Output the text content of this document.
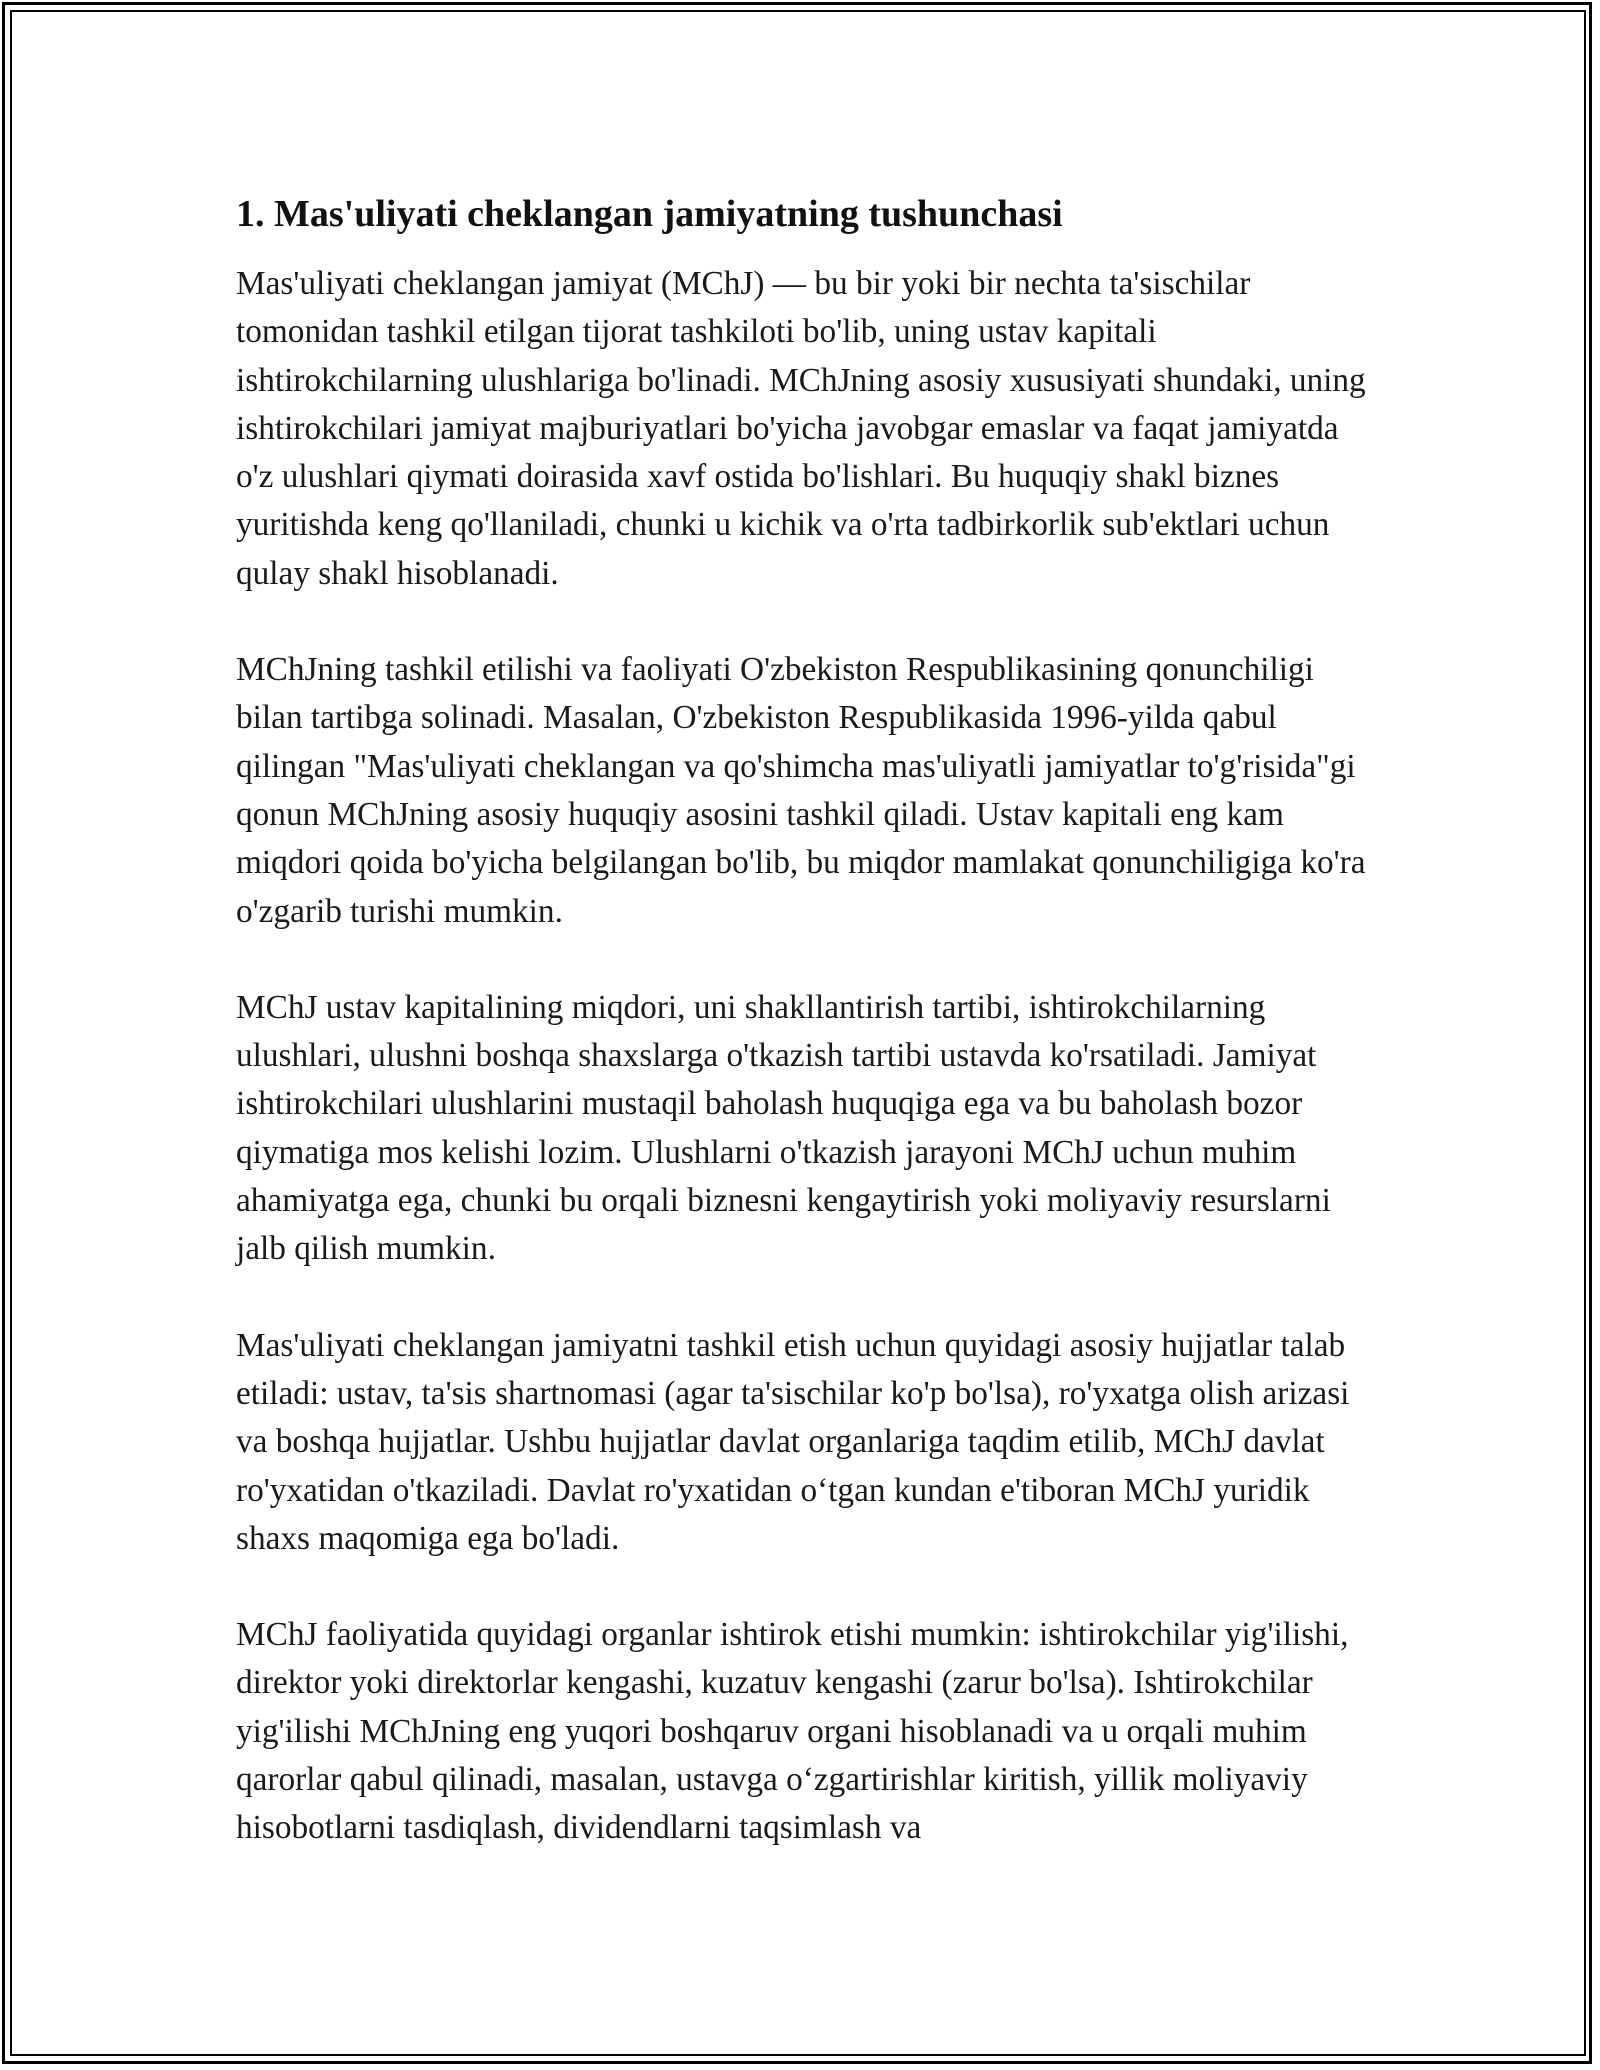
1. Mas'uliyati cheklangan jamiyatning tushunchasi

Mas'uliyati cheklangan jamiyat (MChJ) — bu bir yoki bir nechta ta'sischilar tomonidan tashkil etilgan tijorat tashkiloti bo'lib, uning ustav kapitali ishtirokchilarning ulushlariga bo'linadi. MChJning asosiy xususiyati shundaki, uning ishtirokchilari jamiyat majburiyatlari bo'yicha javobgar emaslar va faqat jamiyatda o'z ulushlari qiymati doirasida xavf ostida bo'lishlari. Bu huquqiy shakl biznes yuritishda keng qo'llaniladi, chunki u kichik va o'rta tadbirkorlik sub'ektlari uchun qulay shakl hisoblanadi.

MChJning tashkil etilishi va faoliyati O'zbekiston Respublikasining qonunchiligi bilan tartibga solinadi. Masalan, O'zbekiston Respublikasida 1996-yilda qabul qilingan "Mas'uliyati cheklangan va qo'shimcha mas'uliyatli jamiyatlar to'g'risida"gi qonun MChJning asosiy huquqiy asosini tashkil qiladi. Ustav kapitali eng kam miqdori qoida bo'yicha belgilangan bo'lib, bu miqdor mamlakat qonunchiligiga ko'ra o'zgarib turishi mumkin.

MChJ ustav kapitalining miqdori, uni shakllantirish tartibi, ishtirokchilarning ulushlari, ulushni boshqa shaxslarga o'tkazish tartibi ustavda ko'rsatiladi. Jamiyat ishtirokchilari ulushlarini mustaqil baholash huquqiga ega va bu baholash bozor qiymatiga mos kelishi lozim. Ulushlarni o'tkazish jarayoni MChJ uchun muhim ahamiyatga ega, chunki bu orqali biznesni kengaytirish yoki moliyaviy resurslarni jalb qilish mumkin.

Mas'uliyati cheklangan jamiyatni tashkil etish uchun quyidagi asosiy hujjatlar talab etiladi: ustav, ta'sis shartnomasi (agar ta'sischilar ko'p bo'lsa), ro'yxatga olish arizasi va boshqa hujjatlar. Ushbu hujjatlar davlat organlariga taqdim etilib, MChJ davlat ro'yxatidan o'tkaziladi. Davlat ro'yxatidan o‘tgan kundan e'tiboran MChJ yuridik shaxs maqomiga ega bo'ladi.

MChJ faoliyatida quyidagi organlar ishtirok etishi mumkin: ishtirokchilar yig'ilishi, direktor yoki direktorlar kengashi, kuzatuv kengashi (zarur bo'lsa). Ishtirokchilar yig'ilishi MChJning eng yuqori boshqaruv organi hisoblanadi va u orqali muhim qarorlar qabul qilinadi, masalan, ustavga o‘zgartirishlar kiritish, yillik moliyaviy hisobotlarni tasdiqlash, dividendlarni taqsimlash va
